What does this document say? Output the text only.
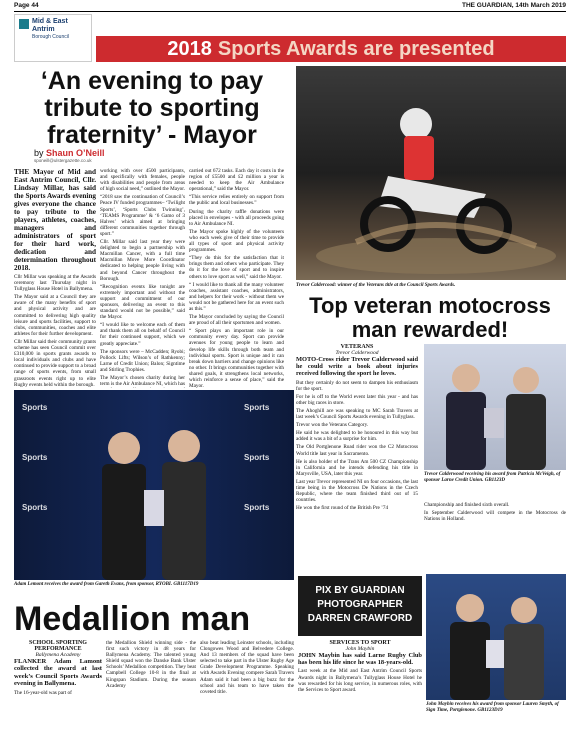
Page 44	THE GUARDIAN, 14th March 2019
Mid & East
Antrim
Borough Council
2018 Sports Awards are presented
‘An evening to pay tribute to sporting fraternity’ - Mayor
by Shaun O’Neill
sponeill@ulstergazette.co.uk

THE Mayor of Mid and East Antrim Council, Cllr. Lindsay Millar, has said the Sports Awards evening gives everyone the chance to pay tribute to the players, athletes, coaches, managers and administrators of sport for their hard work, dedication and determination throughout 2018.

Cllr Millar was speaking at the Awards ceremony last Thursday night in Tullyglass House Hotel in Ballymena.

The Mayor said at a Council they are aware of the many benefits of sport and physical activity and are committed to delivering high quality leisure and sports facilities, support to clubs, communities, coaches and elite athletes for their further development.

Cllr Millar said their community grants scheme has seen Council commit over £310,000 in sports grants awards to local individuals and clubs and have continued to provide support to a broad range of sports events, from small grassroots events right up to elite Rugby events held within the borough.

working with over 4500 participants, and specifically with females, people with disabilities and people from areas of high social need,” outlined the Mayor.

“2018 saw the continuation of Council’s Peace IV funded programmes– ‘Twilight Sports’, ‘Sports Clubs Twinning’, ‘TEAMS Programme’ & ‘6 Gamo of 3 Halves’ which aimed at bringing different communities together through sport.”

Cllr. Millar said last year they were delighted to begin a partnership with Macmillan Cancer, with a full time Macmillan Move More Coordinator dedicated to helping people living with and beyond Cancer throughout the Borough.

“Recognition events like tonight are extremely important and without the support and commitment of our sponsors, delivering an event to this standard would not be possible,” said the Mayor.

“I would like to welcome each of them and thank them all on behalf of Council for their continued support, which we greatly appreciate.”

The sponsors were – McCadden; Ryobi; Pollock Lifts; Wilson’s of Rathkenny; Larne of Credit Union; Balon; Signtime and Stirling Trophies.

The Mayor’s chosen charity during her term is the Air Ambulance NI, which has

carried out 672 tasks. Each day it costs in the region of £5500 and £2 million a year is needed to keep the Air Ambulance operational,” said the Mayor.

“This service relies entirely on support from the public and local businesses.”

During the charity raffle donations were placed in envelopes - with all proceeds going to Air Ambulance NI.

The Mayor spoke highly of the volunteers who each week give of their time to provide all types of sport and physical activity programmes.

“They do this for the satisfaction that it brings them and others who participate. They do it for the love of sport and to inspire others to love sport as well,” said the Mayor.

“ I would like to thank all the many volunteer coaches, assistant coaches, administrators, and helpers for their work - without them we would not be gathered here for an event such as this.”

The Mayor concluded by saying the Council are proud of all their sportsmen and women.

“ Sport plays an important role in our community every day. Sport can provide avenues for young people to learn and develop life skills through both team and individual sports. Sport is unique and it can break down barriers and change opinions like no other. It brings communities together with shared goals, it strengthens local networks, which reinforce a sense of place,” said the Mayor.

Trevor Caldercood: winner of the Veterans title at the Council Sports Awards.
Top veteran motocross man rewarded!
VETERANS
Trevor Calderwood

MOTO-Cross rider Trevor Calderwood said he could write a book about injuries received following the sport he loves.

But they certainly do not seem to dampen his enthusiasm for the sport.

For he is off to the World event later this year - and has other big races in store.

The Ahoghill ace was speaking to MC Sarah Travers at last week’s Council Sports Awards evening in Tullyglass.

Trevor won the Veterans Category.

He said he was delighted to be honoured in this way but added it was a bit of a surprise for him.

The Old Portglenone Road rider won the C2 Motocross World title last year in Sacramento.

He is also holder of the Trans Am 500 CZ Championship in California and he intends defending his title in Marysville, USA, later this year.

Last year Trevor represented NI on four occasions, the last time being in the Motocross De Nations in the Czech Republic, where the team finished third out of 15 countries.

He won the first round of the British Pre ’74

Trevor Calderwood receiving his award from Patricia McVeigh, of sponsor Larne Credit Union. GB1123D

Championship and finished sixth overall.

In September Calderwood will compete in the Motocross de Nations in Holland.

Sports
Sports
Sports
Sports
Sports
Sports
Adam Lemont receives the award from Gareth Evans, from sponsor, RYOBI. GB1117D19
Medallion man
SCHOOL SPORTING PERFORMANCE
Ballymena Academy

FLANKER Adam Lamont collected the award at last week’s Council Sports Awards evening in Ballymena.

The 16-year-old was part of

the Medallion Shield winning side - the first such victory in 48 years for Ballymena Academy. The talented young Shield squad won the Danske Bank Ulster Schools’ Medallion competition. They beat Campbell College 10-8 in the final at Kingspan Stadium. During the season Academy

also beat leading Leinster schools, including Clongowes Wood and Belvedere College. And 13 members of the squad have been selected to take part in the Ulster Rugby Age Grade Development Programme. Speaking with Awards Evening compere Sarah Travers Adam said it had been a big buzz for the school and his team to have taken the coveted title.

PIX BY GUARDIAN
PHOTOGRAPHER
DARREN CRAWFORD
SERVICES TO SPORT
John Maybin

JOHN Maybin has said Larne Rugby Club has been his life since he was 18-years-old.

Last week at the Mid and East Antrim Council Sports Awards night in Ballymena’s Tullyglass House Hotel he was rewarded for his long service, in numerous roles, with the Services to Sport award.

John Maybin receives his award from sponsor Lauren Smyth, of Sign Time, Portglenone. GB1123D19
